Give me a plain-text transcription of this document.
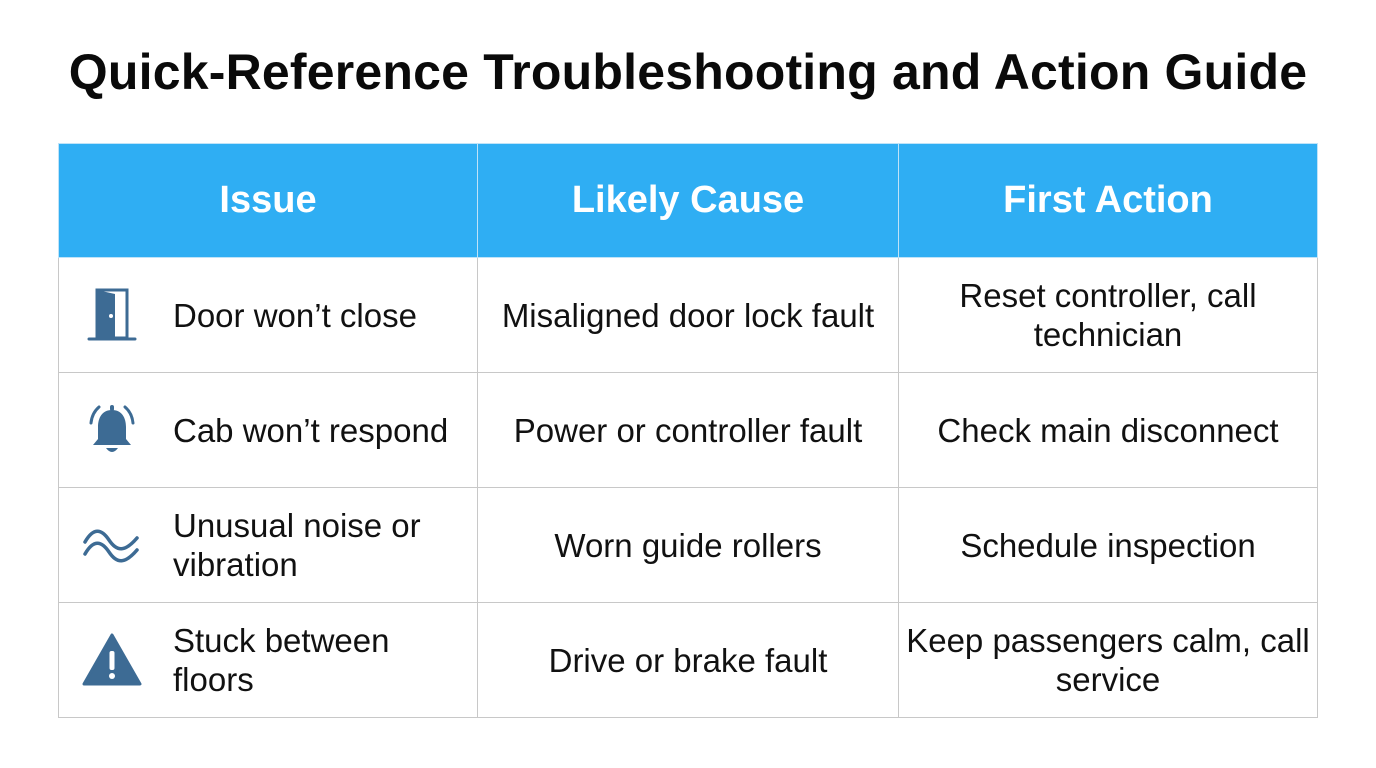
Quick-Reference Troubleshooting and Action Guide
Issue	Likely Cause	First Action

Door won’t close	Misaligned door lock fault	Reset controller, call technician

Cab won’t respond	Power or controller fault	Check main disconnect

Unusual noise or vibration	Worn guide rollers	Schedule inspection

Stuck between floors	Drive or brake fault	Keep passengers calm, call service
